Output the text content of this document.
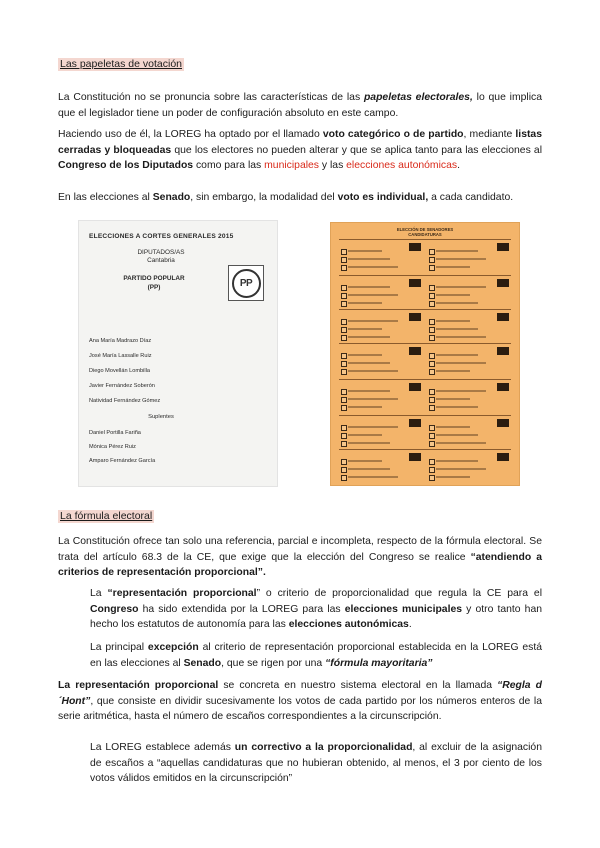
Las papeletas de votación
La Constitución no se pronuncia sobre las características de las papeletas electorales, lo que implica que el legislador tiene un poder de configuración absoluto en este campo.
Haciendo uso de él, la LOREG ha optado por el llamado voto categórico o de partido, mediante listas cerradas y bloqueadas que los electores no pueden alterar y que se aplica tanto para las elecciones al Congreso de los Diputados como para las municipales y las elecciones autonómicas.
En las elecciones al Senado, sin embargo, la modalidad del voto es individual, a cada candidato.
ELECCIONES A CORTES GENERALES 2015
DIPUTADOS/AS
Cantabria
PARTIDO POPULAR
(PP)	PP
Ana María Madrazo Díaz
José María Lassalle Ruiz
Diego Movellán Lombilla
Javier Fernández Soberón
Natividad Fernández Gómez
Suplentes
Daniel Portilla Fariña
Mónica Pérez Ruiz
Amparo Fernández García
ELECCIÓN DE SENADORES
CANDIDATURAS
La fórmula electoral
La Constitución ofrece tan solo una referencia, parcial e incompleta, respecto de la fórmula electoral. Se trata del artículo 68.3 de la CE, que exige que la elección del Congreso se realice “atendiendo a criterios de representación proporcional”.
La “representación proporcional” o criterio de proporcionalidad que regula la CE para el Congreso ha sido extendida por la LOREG para las elecciones municipales y otro tanto han hecho los estatutos de autonomía para las elecciones autonómicas.
La principal excepción al criterio de representación proporcional establecida en la LOREG está en las elecciones al Senado, que se rigen por una “fórmula mayoritaria”
La representación proporcional se concreta en nuestro sistema electoral en la llamada “Regla d´Hont”, que consiste en dividir sucesivamente los votos de cada partido por los números enteros de la serie aritmética, hasta el número de escaños correspondientes a la circunscripción.
La LOREG establece además un correctivo a la proporcionalidad, al excluir de la asignación de escaños a “aquellas candidaturas que no hubieran obtenido, al menos, el 3 por ciento de los votos válidos emitidos en la circunscripción”
